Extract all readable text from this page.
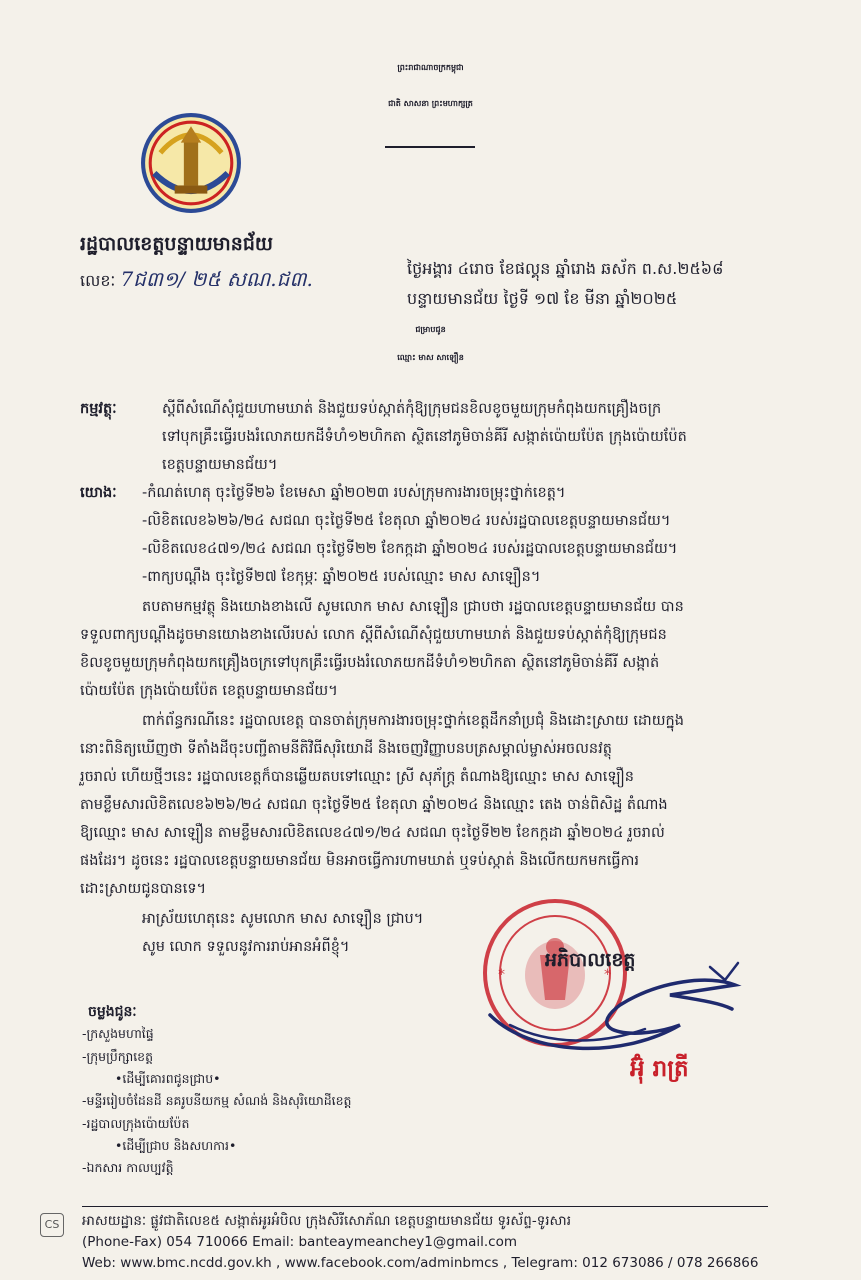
ព្រះរាជាណាចក្រកម្ពុជា
ជាតិ សាសនា ព្រះមហាក្សត្រ
រដ្ឋបាលខេត្តបន្ទាយមានជ័យ
លេខៈ 7ជ៣១/ ២៥ សណ.ជ៣.	ថ្ងៃអង្គារ ៤រោច ខែផល្គុន ឆ្នាំរោង ឆស័ក ព.ស.២៥៦៨
បន្ទាយមានជ័យ ថ្ងៃទី ១៧ ខែ មីនា ឆ្នាំ២០២៥
ជម្រាបជូន
ឈ្មោះ មាស សាឡឿន
កម្មវត្ថុៈ	ស្តីពីសំណើសុំជួយហាមឃាត់ និងជួយទប់ស្កាត់កុំឱ្យក្រុមជនខិលខូចមួយក្រុមកំពុងយកគ្រឿងចក្រ
ទៅបុកគ្រឹះធ្វើរបងរំលោភយកដីទំហំ១២ហិកតា ស្ថិតនៅភូមិចាន់គីរី សង្កាត់ប៉ោយប៉ែត ក្រុងប៉ោយប៉ែត
ខេត្តបន្ទាយមានជ័យ។
យោងៈ -កំណត់ហេតុ ចុះថ្ងៃទី២៦ ខែមេសា ឆ្នាំ២០២៣ របស់ក្រុមការងារចម្រុះថ្នាក់ខេត្ត។
-លិខិតលេខ៦២៦/២៤ សជណ ចុះថ្ងៃទី២៥ ខែតុលា ឆ្នាំ២០២៤ របស់រដ្ឋបាលខេត្តបន្ទាយមានជ័យ។
-លិខិតលេខ៤៧១/២៤ សជណ ចុះថ្ងៃទី២២ ខែកក្កដា ឆ្នាំ២០២៤ របស់រដ្ឋបាលខេត្តបន្ទាយមានជ័យ។
-ពាក្យបណ្តឹង ចុះថ្ងៃទី២៧ ខែកុម្ភៈ ឆ្នាំ២០២៥ របស់ឈ្មោះ មាស សាឡឿន។
តបតាមកម្មវត្ថុ និងយោងខាងលើ សូមលោក មាស សាឡឿន ជ្រាបថា រដ្ឋបាលខេត្តបន្ទាយមានជ័យ បាន
ទទួលពាក្យបណ្តឹងដូចមានយោងខាងលើរបស់ លោក ស្តីពីសំណើសុំជួយហាមឃាត់ និងជួយទប់ស្កាត់កុំឱ្យក្រុមជន
ខិលខូចមួយក្រុមកំពុងយកគ្រឿងចក្រទៅបុកគ្រឹះធ្វើរបងរំលោភយកដីទំហំ១២ហិកតា ស្ថិតនៅភូមិចាន់គីរី សង្កាត់
ប៉ោយប៉ែត ក្រុងប៉ោយប៉ែត ខេត្តបន្ទាយមានជ័យ។
ពាក់ព័ន្ធករណីនេះ រដ្ឋបាលខេត្ត បានចាត់ក្រុមការងារចម្រុះថ្នាក់ខេត្តដឹកនាំប្រជុំ និងដោះស្រាយ ដោយក្នុង
នោះពិនិត្យឃើញថា ទីតាំងដីចុះបញ្ជីតាមនីតិវិធីសុរិយោដី និងចេញវិញ្ញាបនបត្រសម្គាល់ម្ចាស់អចលនវត្ថុ
រួចរាល់ ហើយថ្មីៗនេះ រដ្ឋបាលខេត្តក៏បានឆ្លើយតបទៅឈ្មោះ ស្រី សុភ័ក្ត្រ តំណាងឱ្យឈ្មោះ មាស សាឡឿន
តាមខ្លឹមសារលិខិតលេខ៦២៦/២៤ សជណ ចុះថ្ងៃទី២៥ ខែតុលា ឆ្នាំ២០២៤ និងឈ្មោះ តេង ចាន់ពិសិដ្ឋ តំណាង
ឱ្យឈ្មោះ មាស សាឡឿន តាមខ្លឹមសារលិខិតលេខ៤៧១/២៤ សជណ ចុះថ្ងៃទី២២ ខែកក្កដា ឆ្នាំ២០២៤ រួចរាល់
ផងដែរ។ ដូចនេះ រដ្ឋបាលខេត្តបន្ទាយមានជ័យ មិនអាចធ្វើការហាមឃាត់ ឬទប់ស្កាត់ និងលើកយកមកធ្វើការ
ដោះស្រាយជូនបានទេ។
អាស្រ័យហេតុនេះ សូមលោក មាស សាឡឿន ជ្រាប។
សូម លោក ទទួលនូវការរាប់អានអំពីខ្ញុំ។
*	*
អភិបាលខេត្ត
អ៊ុំ រាត្រី
ចម្លងជូនៈ
-ក្រសួងមហាផ្ទៃ
-ក្រុមប្រឹក្សាខេត្ត
•ដើម្បីគោរពជូនជ្រាប•
-មន្ទីររៀបចំដែនដី នគរូបនីយកម្ម សំណង់ និងសុរិយោដីខេត្ត
-រដ្ឋបាលក្រុងប៉ោយប៉ែត
•ដើម្បីជ្រាប និងសហការ•
-ឯកសារ កាលប្បវត្តិ
CS	អាសយដ្ឋានៈ ផ្លូវជាតិលេខ៥ សង្កាត់អូរអំបិល ក្រុងសិរីសោភ័ណ ខេត្តបន្ទាយមានជ័យ ទូរស័ព្ទ-ទូរសារ
(Phone-Fax) 054 710066 Email: banteaymeanchey1@gmail.com
Web: www.bmc.ncdd.gov.kh , www.facebook.com/adminbmcs , Telegram: 012 673086 / 078 266866
